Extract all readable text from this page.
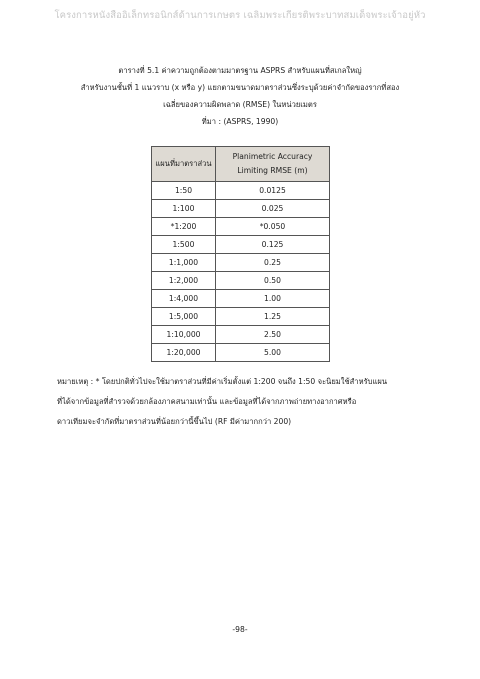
โครงการหนังสืออิเล็กทรอนิกส์ด้านการเกษตร เฉลิมพระเกียรติพระบาทสมเด็จพระเจ้าอยู่หัว
ตารางที่ 5.1 ค่าความถูกต้องตามมาตรฐาน ASPRS สำหรับแผนที่สเกลใหญ่
สำหรับงานชั้นที่ 1 แนวราบ (x หรือ y) แยกตามขนาดมาตราส่วนซึ่งระบุด้วยค่าจำกัดของรากที่สอง
เฉลี่ยของความผิดพลาด (RMSE) ในหน่วยเมตร
ที่มา : (ASPRS, 1990)
แผนที่มาตราส่วน	Planimetric Accuracy
Limiting RMSE (m)

1:50	0.0125
1:100	0.025
*1:200	*0.050
1:500	0.125
1:1,000	0.25
1:2,000	0.50
1:4,000	1.00
1:5,000	1.25
1:10,000	2.50
1:20,000	5.00
หมายเหตุ : * โดยปกติทั่วไปจะใช้มาตราส่วนที่มีค่าเริ่มตั้งแต่ 1:200 จนถึง 1:50 จะนิยมใช้สำหรับแผน
ที่ได้จากข้อมูลที่สำรวจด้วยกล้องภาคสนามเท่านั้น และข้อมูลที่ได้จากภาพถ่ายทางอากาศหรือ
ดาวเทียมจะจำกัดที่มาตราส่วนที่น้อยกว่านี้ขึ้นไป (RF มีค่ามากกว่า 200)
-98-
